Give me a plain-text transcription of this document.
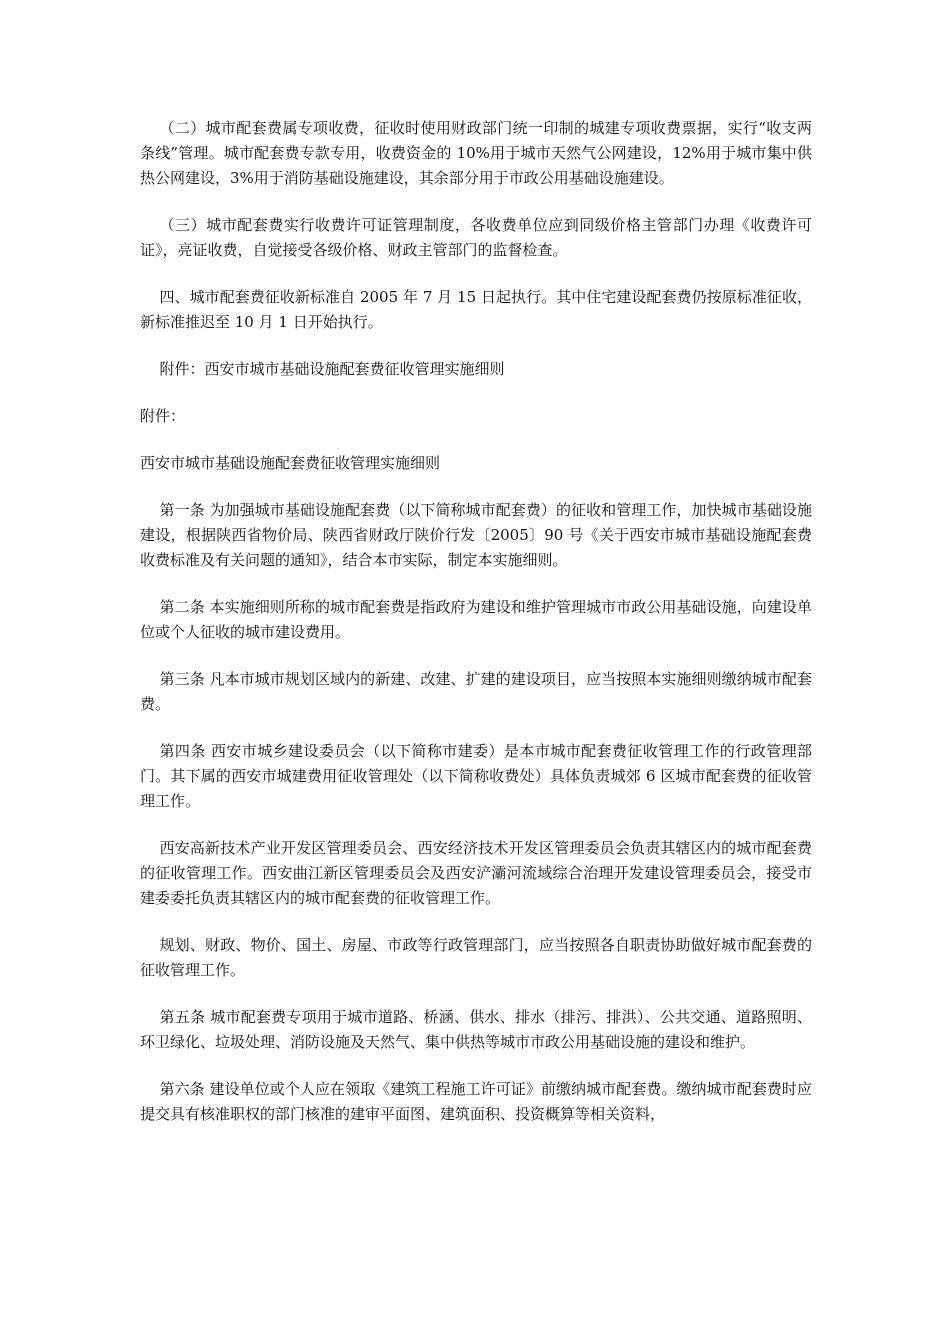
（二）城市配套费属专项收费，征收时使用财政部门统一印制的城建专项收费票据，实行“收支两条线”管理。城市配套费专款专用，收费资金的 10%用于城市天然气公网建设，12%用于城市集中供热公网建设，3%用于消防基础设施建设，其余部分用于市政公用基础设施建设。

（三）城市配套费实行收费许可证管理制度，各收费单位应到同级价格主管部门办理《收费许可证》，亮证收费，自觉接受各级价格、财政主管部门的监督检查。

四、城市配套费征收新标准自 2005 年 7 月 15 日起执行。其中住宅建设配套费仍按原标准征收，新标准推迟至 10 月 1 日开始执行。

附件：西安市城市基础设施配套费征收管理实施细则

附件：

西安市城市基础设施配套费征收管理实施细则

第一条 为加强城市基础设施配套费（以下简称城市配套费）的征收和管理工作，加快城市基础设施建设，根据陕西省物价局、陕西省财政厅陕价行发〔2005〕90 号《关于西安市城市基础设施配套费收费标准及有关问题的通知》，结合本市实际，制定本实施细则。

第二条 本实施细则所称的城市配套费是指政府为建设和维护管理城市市政公用基础设施，向建设单位或个人征收的城市建设费用。

第三条 凡本市城市规划区域内的新建、改建、扩建的建设项目，应当按照本实施细则缴纳城市配套费。

第四条 西安市城乡建设委员会（以下简称市建委）是本市城市配套费征收管理工作的行政管理部门。其下属的西安市城建费用征收管理处（以下简称收费处）具体负责城郊 6 区城市配套费的征收管理工作。

西安高新技术产业开发区管理委员会、西安经济技术开发区管理委员会负责其辖区内的城市配套费的征收管理工作。西安曲江新区管理委员会及西安浐灞河流域综合治理开发建设管理委员会，接受市建委委托负责其辖区内的城市配套费的征收管理工作。

规划、财政、物价、国土、房屋、市政等行政管理部门，应当按照各自职责协助做好城市配套费的征收管理工作。

第五条 城市配套费专项用于城市道路、桥涵、供水、排水（排污、排洪）、公共交通、道路照明、环卫绿化、垃圾处理、消防设施及天然气、集中供热等城市市政公用基础设施的建设和维护。

第六条 建设单位或个人应在领取《建筑工程施工许可证》前缴纳城市配套费。缴纳城市配套费时应提交具有核准职权的部门核准的建审平面图、建筑面积、投资概算等相关资料，
